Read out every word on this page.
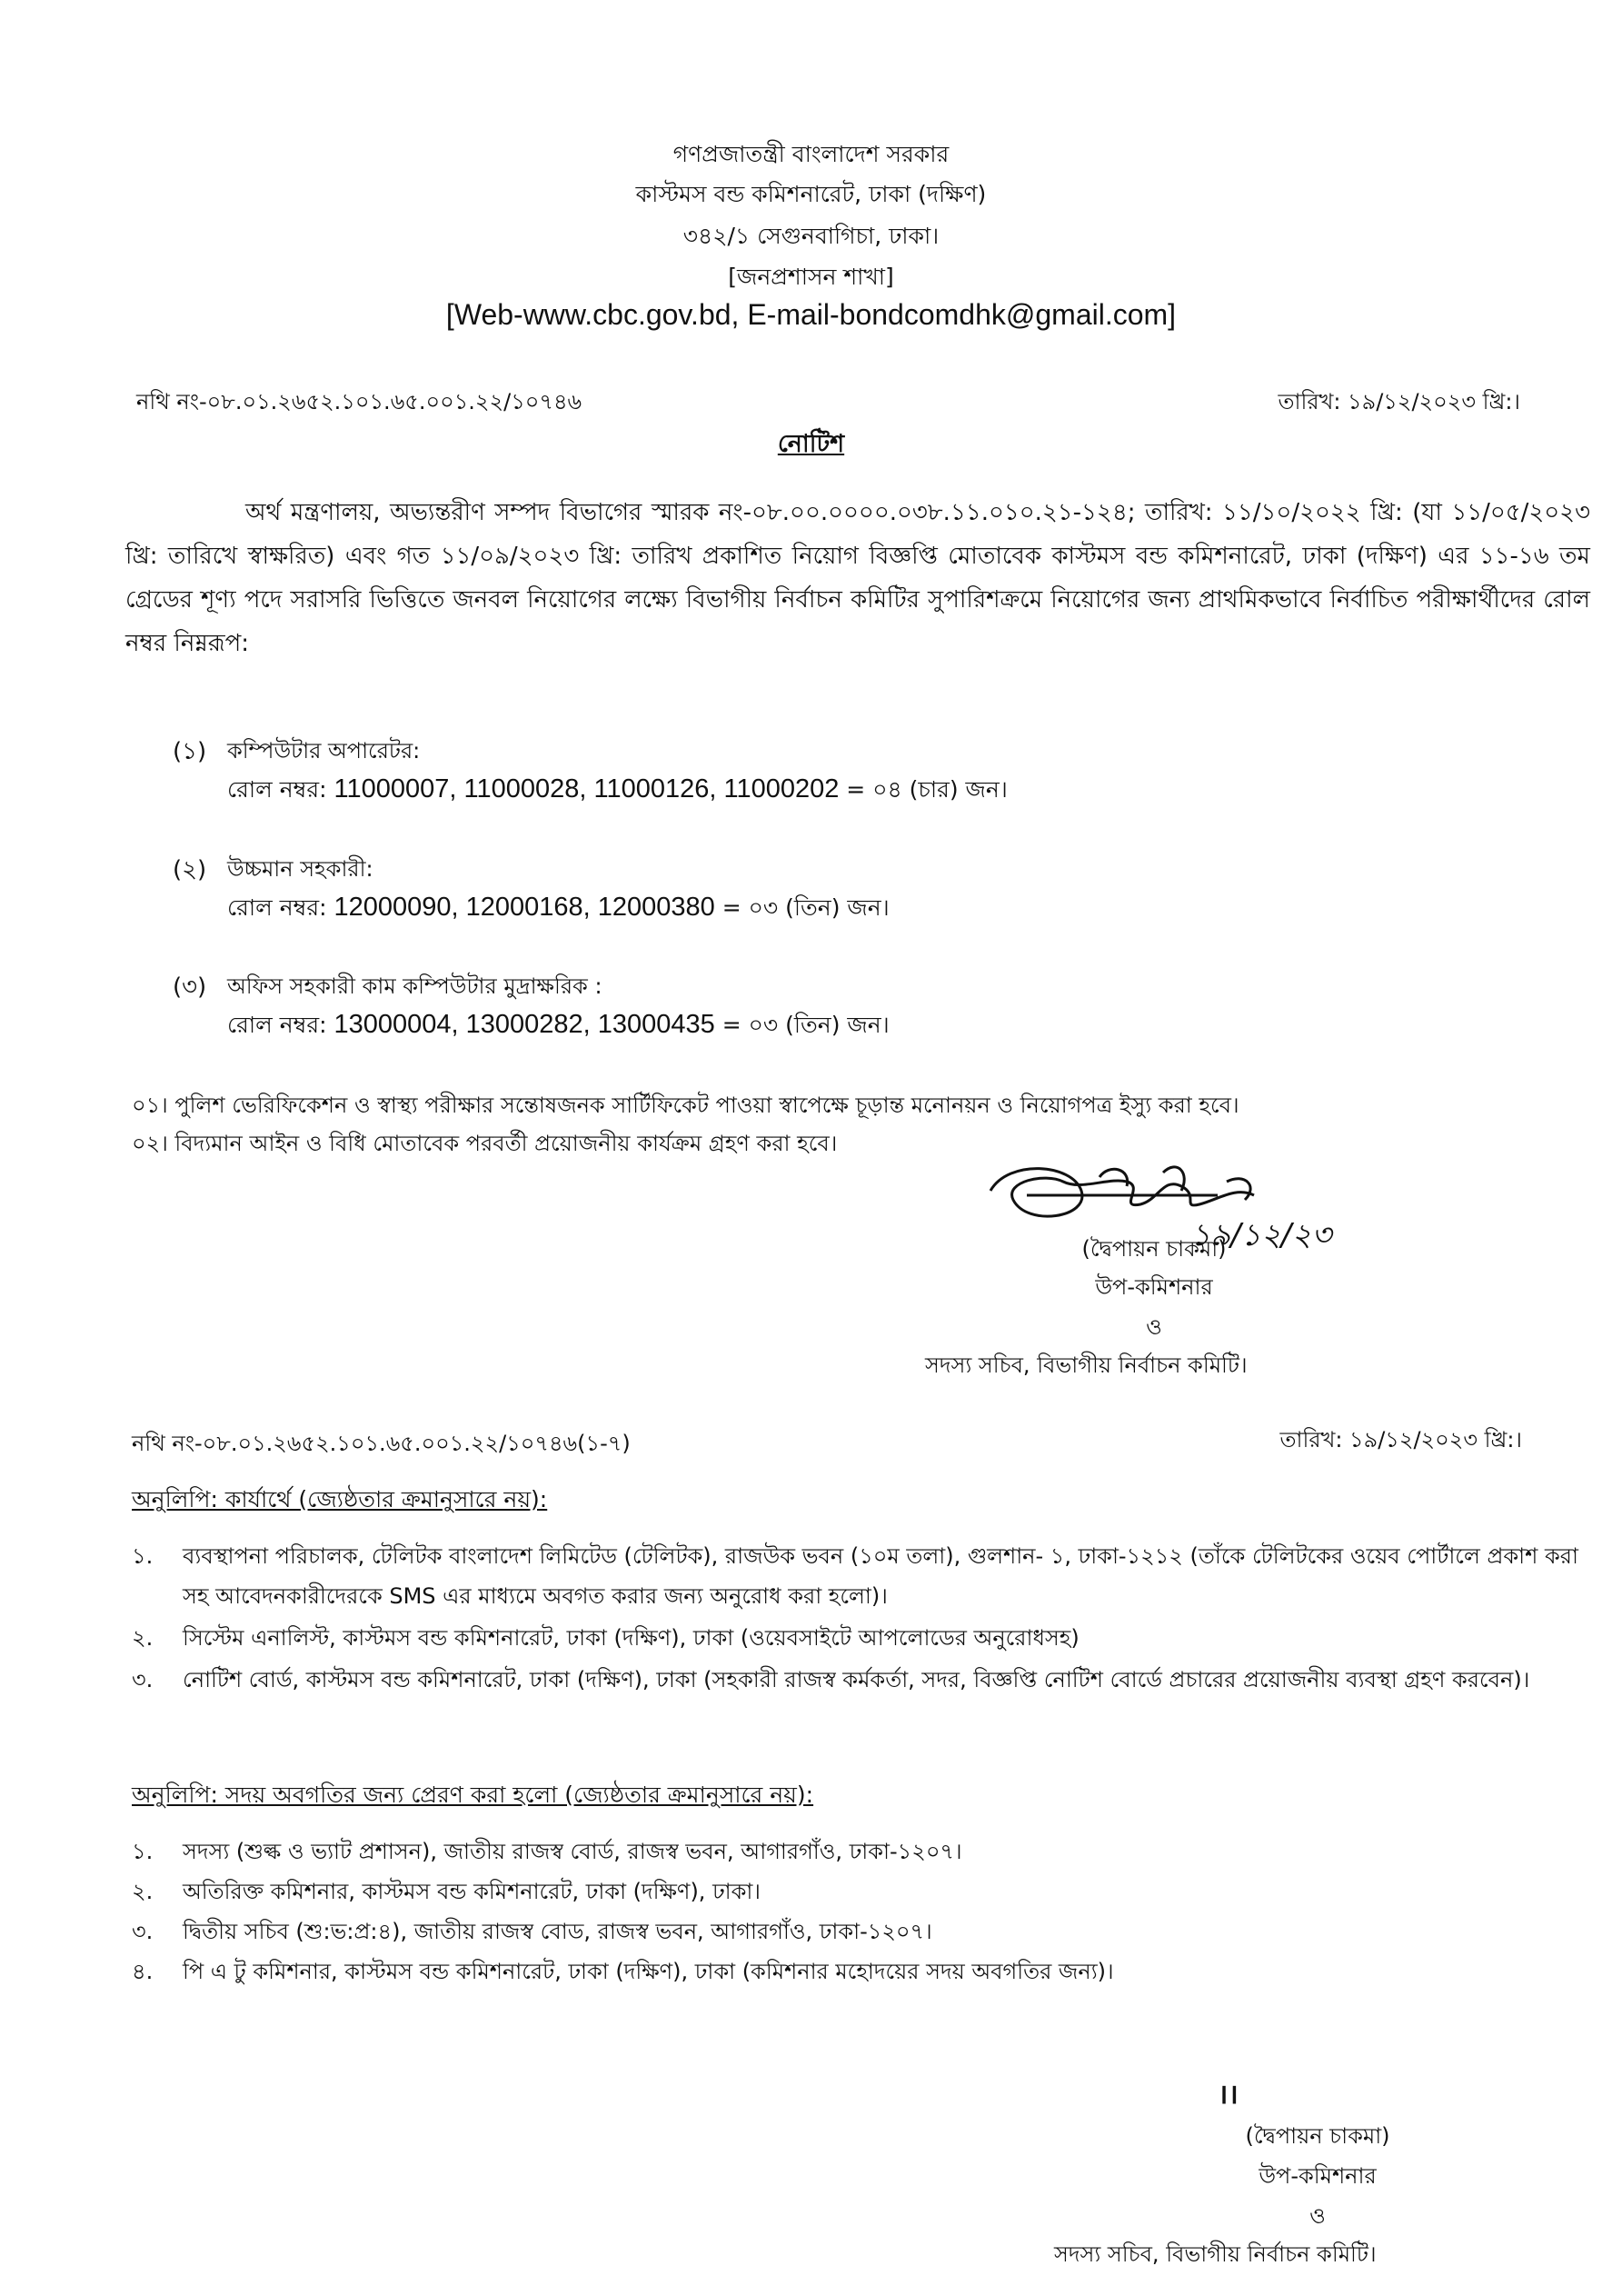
গণপ্রজাতন্ত্রী বাংলাদেশ সরকার
কাস্টমস বন্ড কমিশনারেট, ঢাকা (দক্ষিণ)
৩৪২/১ সেগুনবাগিচা, ঢাকা।
[জনপ্রশাসন শাখা]
[Web-www.cbc.gov.bd, E-mail-bondcomdhk@gmail.com]
নথি নং-০৮.০১.২৬৫২.১০১.৬৫.০০১.২২/১০৭৪৬	তারিখ: ১৯/১২/২০২৩ খ্রি:।
নোটিশ
অর্থ মন্ত্রণালয়, অভ্যন্তরীণ সম্পদ বিভাগের স্মারক নং-০৮.০০.০০০০.০৩৮.১১.০১০.২১-১২৪; তারিখ: ১১/১০/২০২২ খ্রি: (যা ১১/০৫/২০২৩ খ্রি: তারিখে স্বাক্ষরিত) এবং গত ১১/০৯/২০২৩ খ্রি: তারিখ প্রকাশিত নিয়োগ বিজ্ঞপ্তি মোতাবেক কাস্টমস বন্ড কমিশনারেট, ঢাকা (দক্ষিণ) এর ১১-১৬ তম গ্রেডের শূণ্য পদে সরাসরি ভিত্তিতে জনবল নিয়োগের লক্ষ্যে বিভাগীয় নির্বাচন কমিটির সুপারিশক্রমে নিয়োগের জন্য প্রাথমিকভাবে নির্বাচিত পরীক্ষার্থীদের রোল নম্বর নিম্নরূপ:
(১) কম্পিউটার অপারেটর:
রোল নম্বর: 11000007, 11000028, 11000126, 11000202 = ০৪ (চার) জন।
(২) উচ্চমান সহকারী:
রোল নম্বর: 12000090, 12000168, 12000380 = ০৩ (তিন) জন।
(৩) অফিস সহকারী কাম কম্পিউটার মুদ্রাক্ষরিক :
রোল নম্বর: 13000004, 13000282, 13000435 = ০৩ (তিন) জন।
০১। পুলিশ ভেরিফিকেশন ও স্বাস্থ্য পরীক্ষার সন্তোষজনক সার্টিফিকেট পাওয়া স্বাপেক্ষে চূড়ান্ত মনোনয়ন ও নিয়োগপত্র ইস্যু করা হবে।
০২। বিদ্যমান আইন ও বিধি মোতাবেক পরবর্তী প্রয়োজনীয় কার্যক্রম গ্রহণ করা হবে।
১৯/১২/২৩
(দ্বৈপায়ন চাকমা)
উপ-কমিশনার
ও
সদস্য সচিব, বিভাগীয় নির্বাচন কমিটি।
নথি নং-০৮.০১.২৬৫২.১০১.৬৫.০০১.২২/১০৭৪৬(১-৭)	তারিখ: ১৯/১২/২০২৩ খ্রি:।
অনুলিপি: কার্যার্থে (জ্যেষ্ঠতার ক্রমানুসারে নয়):
১. ব্যবস্থাপনা পরিচালক, টেলিটক বাংলাদেশ লিমিটেড (টেলিটক), রাজউক ভবন (১০ম তলা), গুলশান- ১, ঢাকা-১২১২ (তাঁকে টেলিটকের ওয়েব পোর্টালে প্রকাশ করা সহ আবেদনকারীদেরকে SMS এর মাধ্যমে অবগত করার জন্য অনুরোধ করা হলো)।
২. সিস্টেম এনালিস্ট, কাস্টমস বন্ড কমিশনারেট, ঢাকা (দক্ষিণ), ঢাকা (ওয়েবসাইটে আপলোডের অনুরোধসহ)
৩. নোটিশ বোর্ড, কাস্টমস বন্ড কমিশনারেট, ঢাকা (দক্ষিণ), ঢাকা (সহকারী রাজস্ব কর্মকর্তা, সদর, বিজ্ঞপ্তি নোটিশ বোর্ডে প্রচারের প্রয়োজনীয় ব্যবস্থা গ্রহণ করবেন)।
অনুলিপি: সদয় অবগতির জন্য প্রেরণ করা হলো (জ্যেষ্ঠতার ক্রমানুসারে নয়):
১. সদস্য (শুল্ক ও ভ্যাট প্রশাসন), জাতীয় রাজস্ব বোর্ড, রাজস্ব ভবন, আগারগাঁও, ঢাকা-১২০৭।
২. অতিরিক্ত কমিশনার, কাস্টমস বন্ড কমিশনারেট, ঢাকা (দক্ষিণ), ঢাকা।
৩. দ্বিতীয় সচিব (শু:ভ:প্র:৪), জাতীয় রাজস্ব বোড, রাজস্ব ভবন, আগারগাঁও, ঢাকা-১২০৭।
৪. পি এ টু কমিশনার, কাস্টমস বন্ড কমিশনারেট, ঢাকা (দক্ষিণ), ঢাকা (কমিশনার মহোদয়ের সদয় অবগতির জন্য)।
।।
(দ্বৈপায়ন চাকমা)
উপ-কমিশনার
ও
সদস্য সচিব, বিভাগীয় নির্বাচন কমিটি।
